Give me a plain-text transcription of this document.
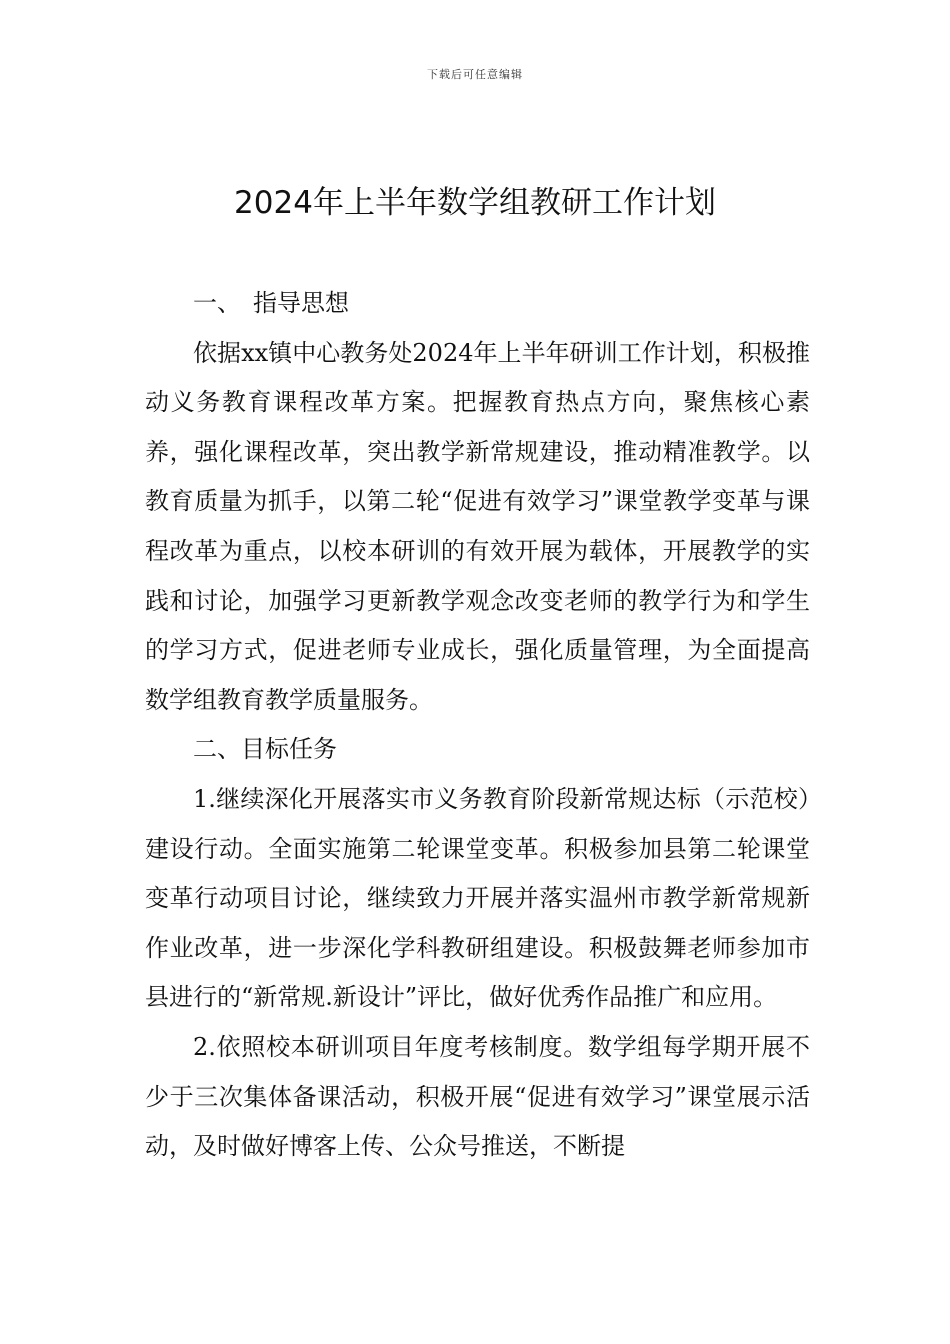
下载后可任意编辑
2024年上半年数学组教研工作计划

一、　指导思想

依据xx镇中心教务处2024年上半年研训工作计划，积极推动义务教育课程改革方案。把握教育热点方向，聚焦核心素养，强化课程改革，突出教学新常规建设，推动精准教学。以教育质量为抓手，以第二轮“促进有效学习”课堂教学变革与课程改革为重点，以校本研训的有效开展为载体，开展教学的实践和讨论，加强学习更新教学观念改变老师的教学行为和学生的学习方式，促进老师专业成长，强化质量管理，为全面提高数学组教育教学质量服务。

二、目标任务

1.继续深化开展落实市义务教育阶段新常规达标（示范校）建设行动。全面实施第二轮课堂变革。积极参加县第二轮课堂变革行动项目讨论，继续致力开展并落实温州市教学新常规新作业改革，进一步深化学科教研组建设。积极鼓舞老师参加市县进行的“新常规.新设计”评比，做好优秀作品推广和应用。

2.依照校本研训项目年度考核制度。数学组每学期开展不少于三次集体备课活动，积极开展“促进有效学习”课堂展示活动，及时做好博客上传、公众号推送，不断提
